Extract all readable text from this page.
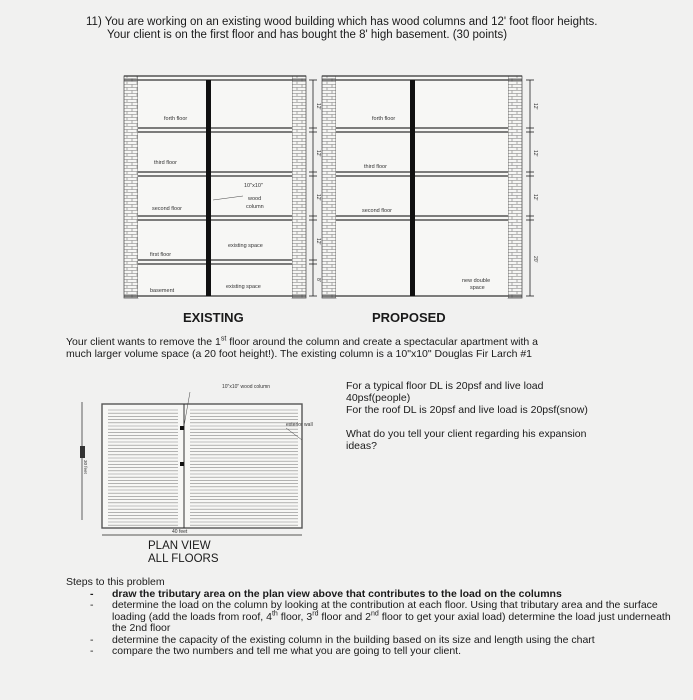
11) You are working on an existing wood building which has wood columns and 12' foot floor heights.
Your client is on the first floor and has bought the 8' high basement. (30 points)
forth floor
third floor
second floor
first floor
basement
10"x10"
wood
column
existing space
existing space
forth floor
third floor
second floor
new double
space
12'
12'
12'
12'
8'
12'
12'
12'
20'
EXISTING	PROPOSED
Your client wants to remove the 1st floor around the column and create a spectacular apartment with a
much larger volume space (a 20 foot height!). The existing column is a 10"x10" Douglas Fir Larch #1
10"x10" wood column
exterior wall
40 feet
30 feet
PLAN VIEW
ALL FLOORS
For a typical floor DL is 20psf and live load
40psf(people)
For the roof DL is 20psf and live load is 20psf(snow)
What do you tell your client regarding his expansion
ideas?
Steps to this problem
- draw the tributary area on the plan view above that contributes to the load on the columns
- determine the load on the column by looking at the contribution at each floor. Using that tributary area and the surface loading (add the loads from roof, 4th floor, 3rd floor and 2nd floor to get your axial load) determine the load just underneath the 2nd floor
- determine the capacity of the existing column in the building based on its size and length using the chart
- compare the two numbers and tell me what you are going to tell your client.
